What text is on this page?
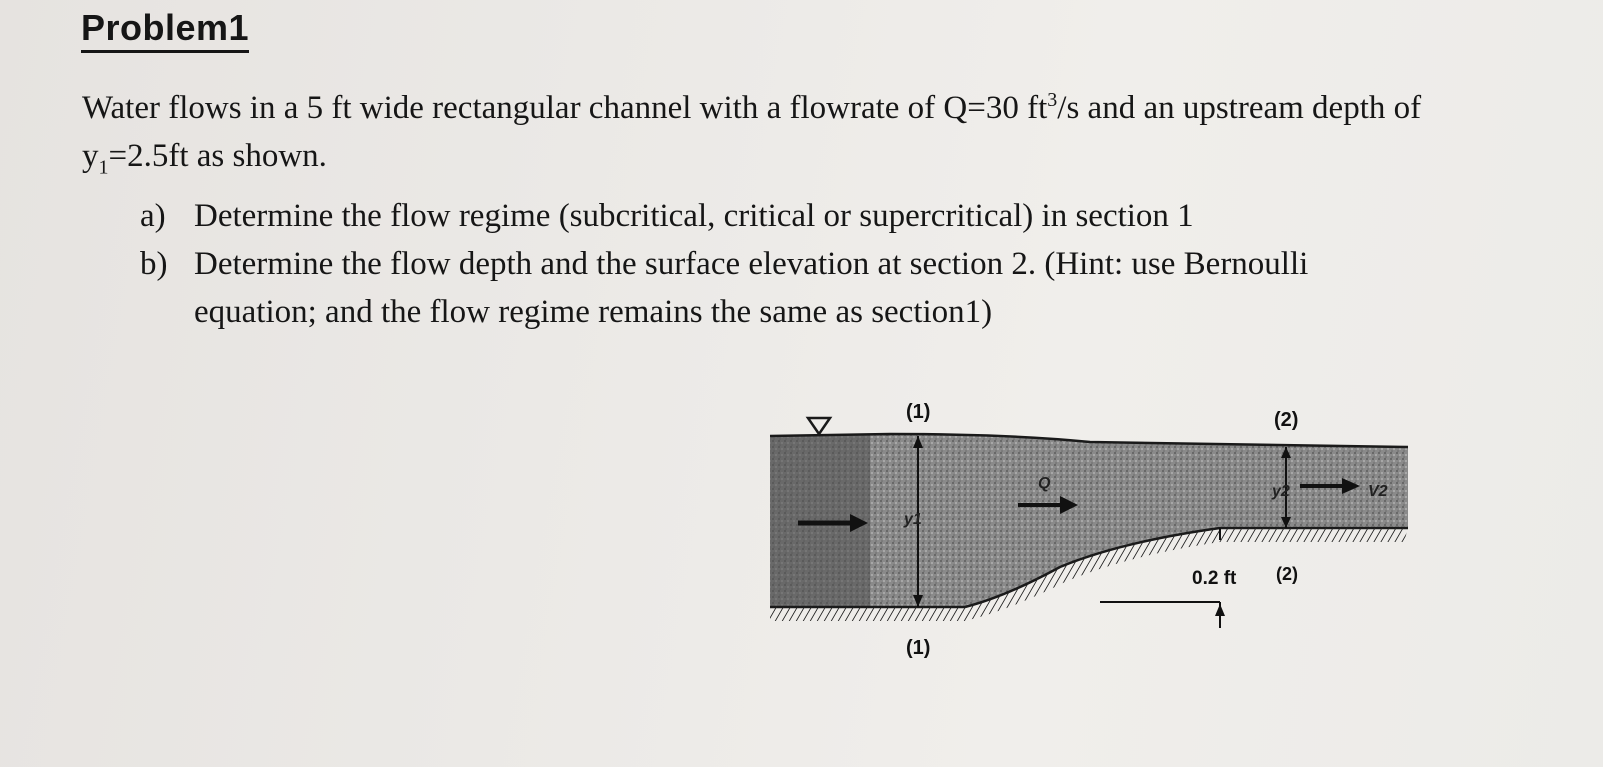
Problem1

Water flows in a 5 ft wide rectangular channel with a flowrate of Q=30 $ft^3/s$ and an upstream depth of $y_1=2.5ft$ as shown.

a) Determine the flow regime (subcritical, critical or supercritical) in section 1
b) Determine the flow depth and the surface elevation at section 2. (Hint: use Bernoulli equation; and the flow regime remains the same as section1)
(1)	(2)
(1)
Q
y1
y2	V2
0.2 ft (2)
